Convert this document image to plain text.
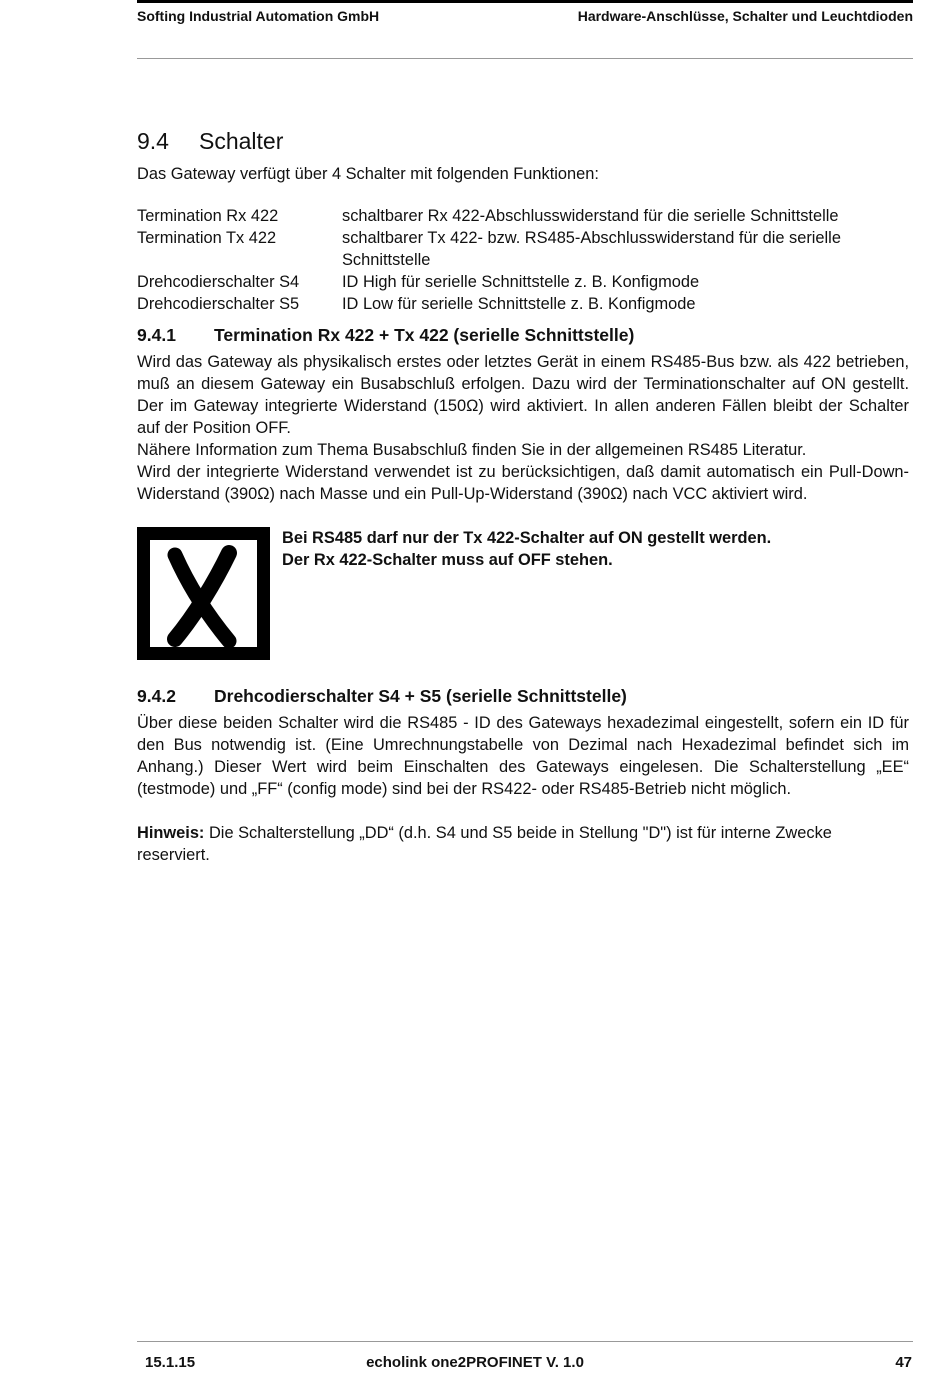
Softing Industrial Automation GmbH	Hardware-Anschlüsse, Schalter und Leuchtdioden
9.4 Schalter

Das Gateway verfügt über 4 Schalter mit folgenden Funktionen:

Termination Rx 422	schaltbarer Rx 422-Abschlusswiderstand für die serielle Schnittstelle
Termination Tx 422	schaltbarer Tx 422- bzw. RS485-Abschlusswiderstand für die serielle Schnittstelle
Drehcodierschalter S4	ID High für serielle Schnittstelle z. B. Konfigmode
Drehcodierschalter S5	ID Low für serielle Schnittstelle z. B. Konfigmode
9.4.1 Termination Rx 422 + Tx 422 (serielle Schnittstelle)

Wird das Gateway als physikalisch erstes oder letztes Gerät in einem RS485-Bus bzw. als 422 betrieben, muß an diesem Gateway ein Busabschluß erfolgen. Dazu wird der Terminationschalter auf ON gestellt. Der im Gateway integrierte Widerstand (150Ω) wird aktiviert. In allen anderen Fällen bleibt der Schalter auf der Position OFF.

Nähere Information zum Thema Busabschluß finden Sie in der allgemeinen RS485 Literatur.

Wird der integrierte Widerstand verwendet ist zu berücksichtigen, daß damit automatisch ein Pull-Down-Widerstand (390Ω) nach Masse und ein Pull-Up-Widerstand (390Ω) nach VCC aktiviert wird.

Bei RS485 darf nur der Tx 422-Schalter auf ON gestellt werden.
Der Rx 422-Schalter muss auf OFF stehen.
9.4.2 Drehcodierschalter S4 + S5 (serielle Schnittstelle)

Über diese beiden Schalter wird die RS485 - ID des Gateways hexadezimal eingestellt, sofern ein ID für den Bus notwendig ist. (Eine Umrechnungstabelle von Dezimal nach Hexadezimal befindet sich im Anhang.) Dieser Wert wird beim Einschalten des Gateways eingelesen. Die Schalterstellung „EE“ (testmode) und „FF“ (config mode) sind bei der RS422- oder RS485-Betrieb nicht möglich.

Hinweis: Die Schalterstellung „DD“ (d.h. S4 und S5 beide in Stellung "D") ist für interne Zwecke reserviert.

15.1.15	echolink one2PROFINET V. 1.0	47
